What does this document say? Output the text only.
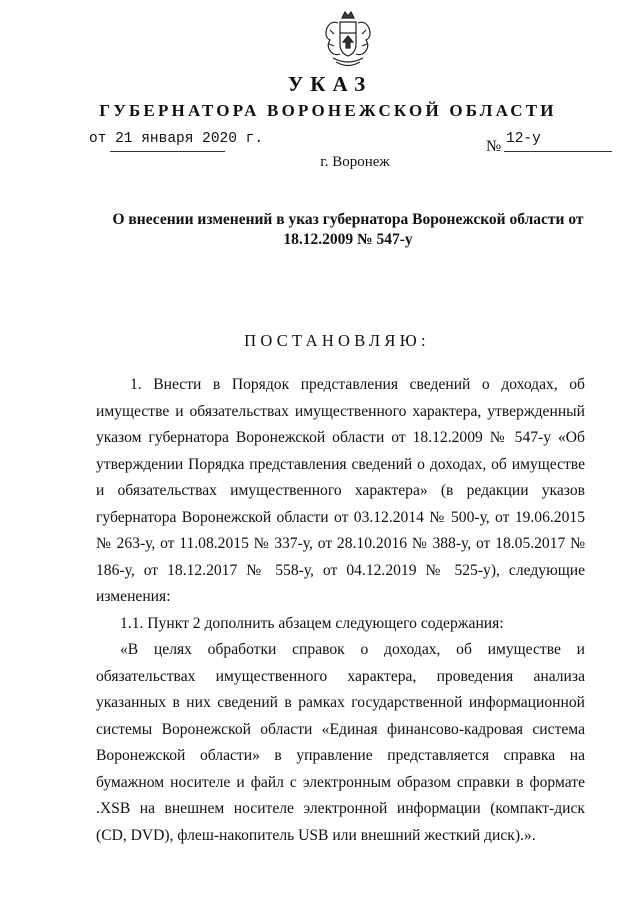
УКАЗ
ГУБЕРНАТОРА ВОРОНЕЖСКОЙ ОБЛАСТИ
от 21 января 2020 г.	№ 12-у
г. Воронеж
О внесении изменений в указ губернатора Воронежской области от 18.12.2009 № 547-у
ПОСТАНОВЛЯЮ:

1. Внести в Порядок представления сведений о доходах, об имуществе и обязательствах имущественного характера, утвержденный указом губернатора Воронежской области от 18.12.2009 № 547-у «Об утверждении Порядка представления сведений о доходах, об имуществе и обязательствах имущественного характера» (в редакции указов губернатора Воронежской области от 03.12.2014 № 500-у, от 19.06.2015 № 263-у, от 11.08.2015 № 337-у, от 28.10.2016 № 388-у, от 18.05.2017 № 186-у, от 18.12.2017 № 558-у, от 04.12.2019 № 525-у), следующие изменения:

1.1. Пункт 2 дополнить абзацем следующего содержания:

«В целях обработки справок о доходах, об имуществе и обязательствах имущественного характера, проведения анализа указанных в них сведений в рамках государственной информационной системы Воронежской области «Единая финансово-кадровая система Воронежской области» в управление представляется справка на бумажном носителе и файл с электронным образом справки в формате .XSB на внешнем носителе электронной информации (компакт-диск (CD, DVD), флеш-накопитель USB или внешний жесткий диск).».
